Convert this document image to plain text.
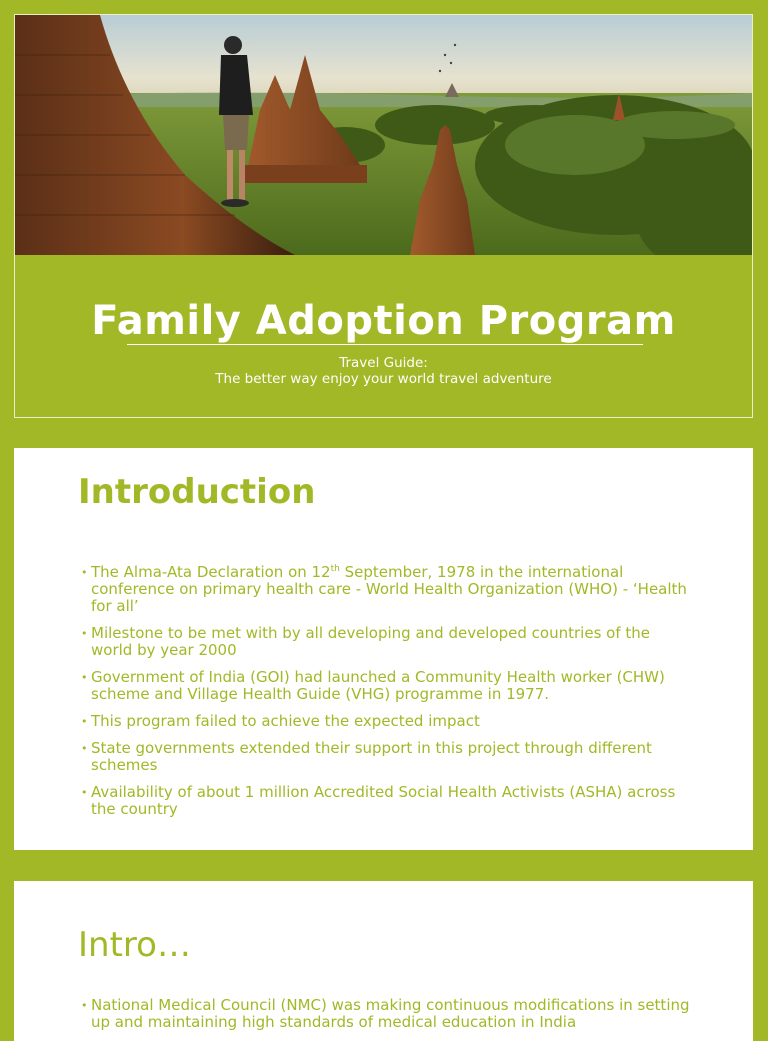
Family Adoption Program
Travel Guide:
The better way enjoy your world travel adventure
Introduction
• The Alma-Ata Declaration on 12th September, 1978 in the international conference on primary health care - World Health Organization (WHO) - ‘Health for all’
• Milestone to be met with by all developing and developed countries of the world by year 2000
• Government of India (GOI) had launched a Community Health worker (CHW) scheme and Village Health Guide (VHG) programme in 1977.
• This program failed to achieve the expected impact
• State governments extended their support in this project through different schemes
• Availability of about 1 million Accredited Social Health Activists (ASHA) across the country
Intro…
• National Medical Council (NMC) was making continuous modifications in setting up and maintaining high standards of medical education in India
